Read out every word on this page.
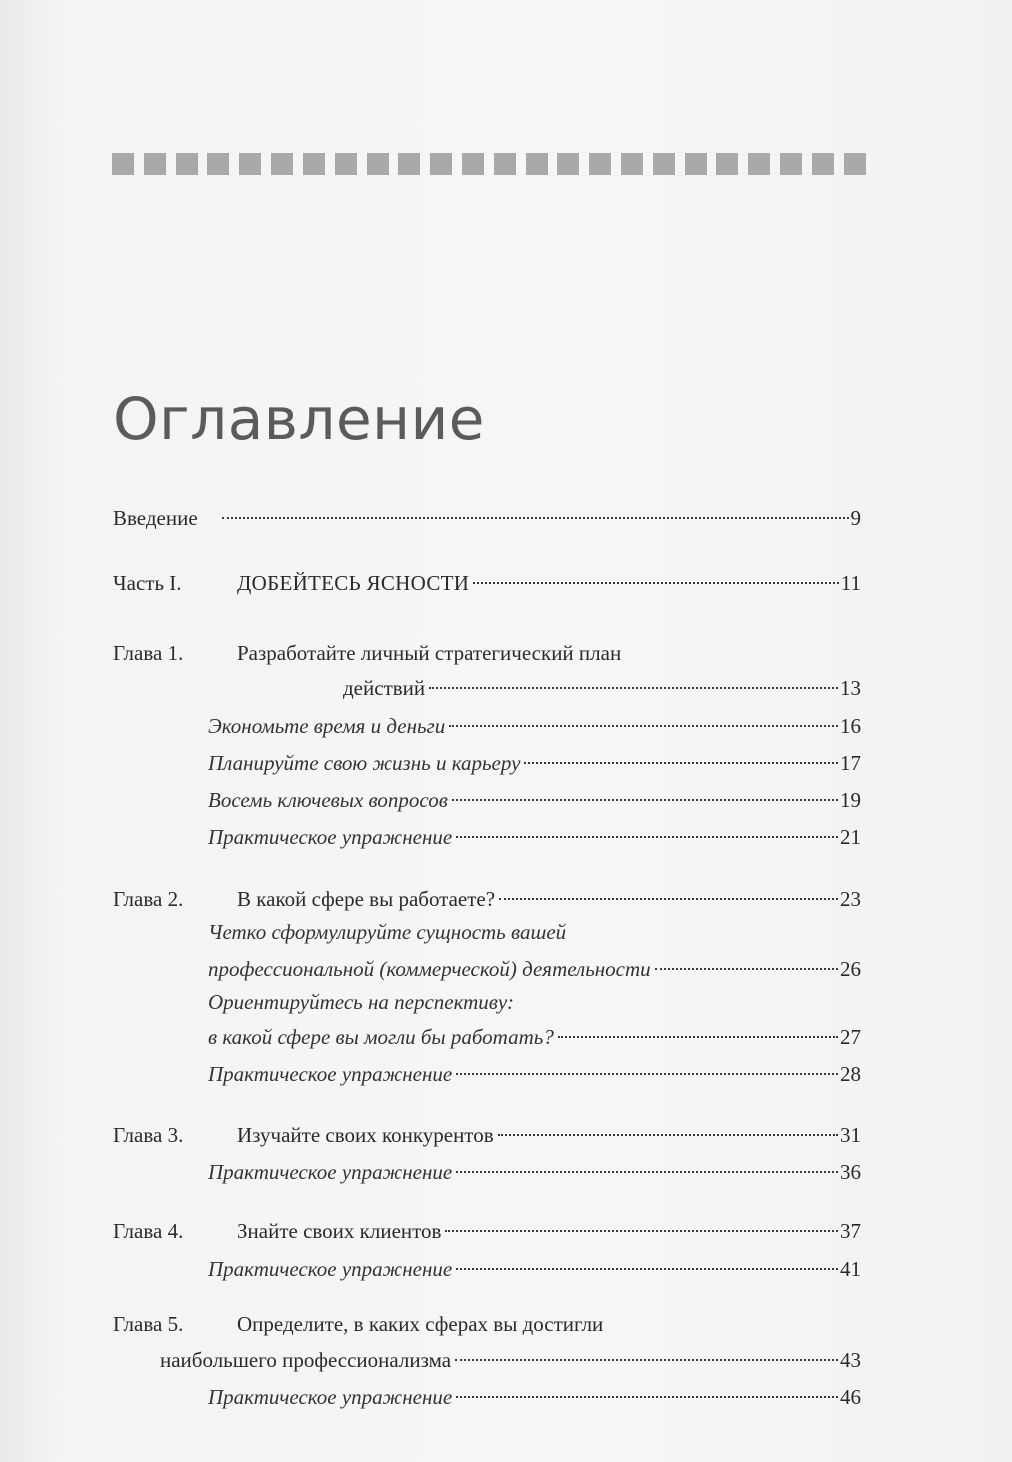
Оглавление
Введение	9
Часть I.	ДОБЕЙТЕСЬ ЯСНОСТИ	11
Глава 1.	Разработайте личный стратегический план
действий	13
Экономьте время и деньги	16
Планируйте свою жизнь и карьеру	17
Восемь ключевых вопросов	19
Практическое упражнение	21
Глава 2.	В какой сфере вы работаете?	23
Четко сформулируйте сущность вашей
профессиональной (коммерческой) деятельности	26
Ориентируйтесь на перспективу:
в какой сфере вы могли бы работать?	27
Практическое упражнение	28
Глава 3.	Изучайте своих конкурентов	31
Практическое упражнение	36
Глава 4.	Знайте своих клиентов	37
Практическое упражнение	41
Глава 5.	Определите, в каких сферах вы достигли
наибольшего профессионализма	43
Практическое упражнение	46
